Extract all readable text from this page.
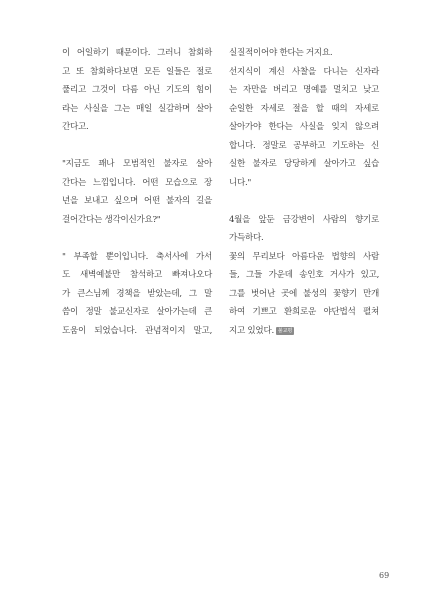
이 어일하기 때문이다. 그러니 참회하
고 또 참회하다보면 모든 일들은 절로
풀리고 그것이 다름 아닌 기도의 힘이
라는 사실을 그는 매일 실감하며 살아
간다고.
"지금도 꽤나 모범적인 불자로 살아
간다는 느낌입니다. 어떤 모습으로 장
년을 보내고 싶으며 어떤 불자의 길을
걸어간다는 생각이신가요?"
" 부족할 뿐이입니다. 축서사에 가서
도 새벽예불만 참석하고 빠져나오다
가 큰스님께 경책을 받았는데, 그 말
씀이 정말 불교신자로 살아가는데 큰
도움이 되었습니다. 관념적이지 말고,
실질적이어야 한다는 거지요.
선지식이 계신 사찰을 다니는 신자라
는 자만을 버리고 명예를 멀치고 낮고
순일한 자세로 절을 할 때의 자세로
살아가야 한다는 사실을 잊지 않으려
합니다. 정말로 공부하고 기도하는 신
실한 불자로 당당하게 살아가고 싶습
니다."
4월을 앞둔 금강변이 사람의 향기로
가득하다.
꽃의 무리보다 아름다운 법향의 사람
들, 그들 가운데 송인호 거사가 있고,
그를 벗어난 곳에 불성의 꽃향기 만개
하여 기쁘고 환희로운 야단법석 펼쳐
지고 있었다. 불교평
69
